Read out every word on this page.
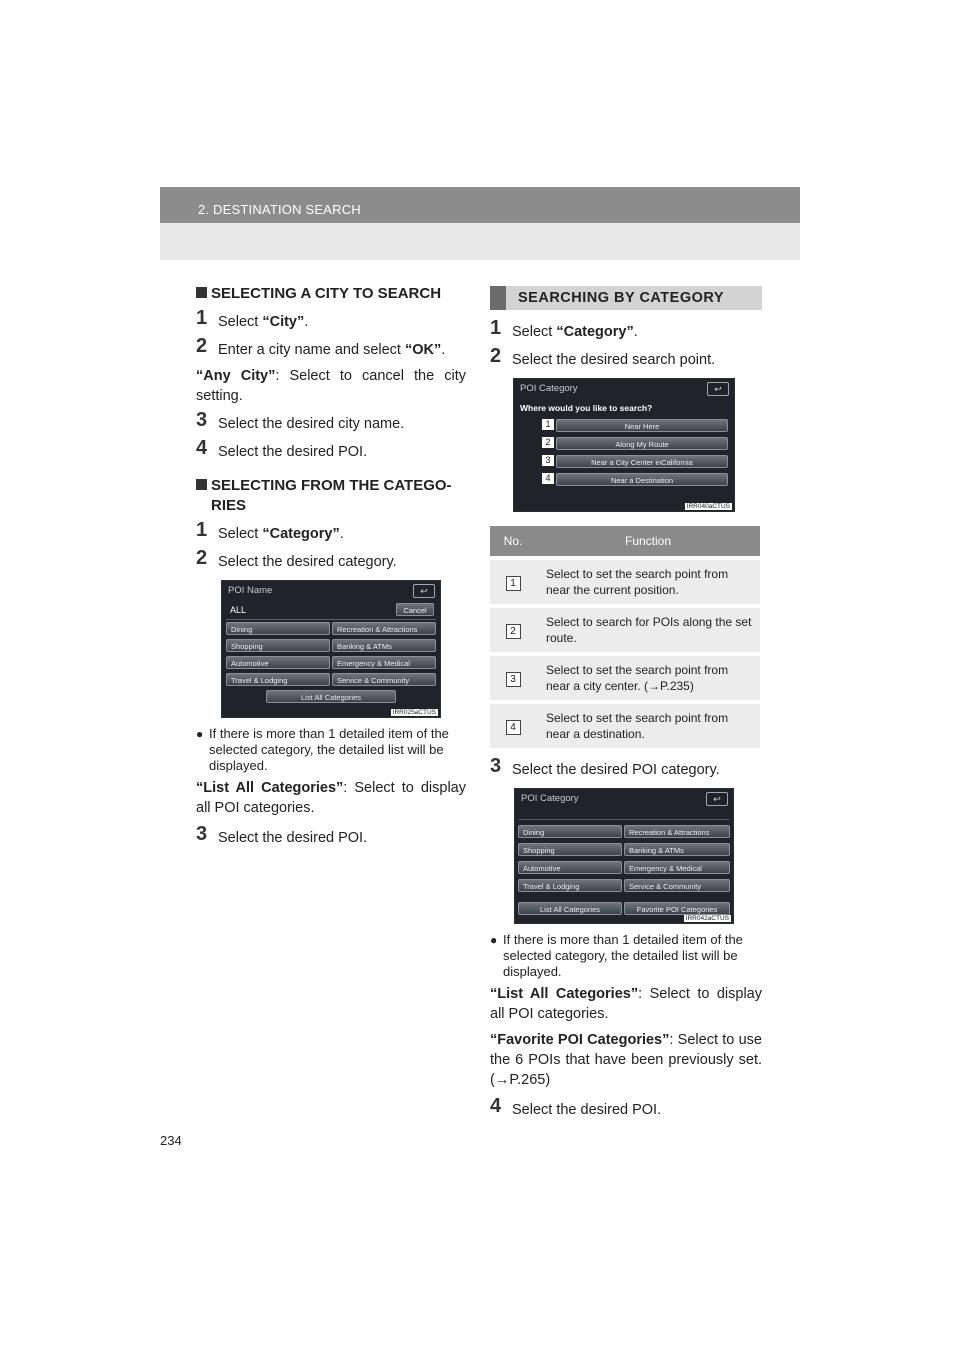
2. DESTINATION SEARCH

SELECTING A CITY TO SEARCH

1 Select “City”.

2 Enter a city name and select “OK”.

“Any City”: Select to cancel the city setting.

3 Select the desired city name.

4 Select the desired POI.

SELECTING FROM THE CATEGO-
RIES

1 Select “Category”.

2 Select the desired category.

POI Name	↩
ALL	Cancel
Dining	Recreation & Attractions
Shopping	Banking & ATMs
Automotive	Emergency & Medical
Travel & Lodging	Service & Community
List All Categories
IRR025aCTUS

● If there is more than 1 detailed item of the selected category, the detailed list will be displayed.

“List All Categories”: Select to display all POI categories.

3 Select the desired POI.

SEARCHING BY CATEGORY

1 Select “Category”.

2 Select the desired search point.

POI Category	↩
Where would you like to search?
1	Near Here
2	Along My Route
3	Near a City Center inCalifornia
4	Near a Destination
IRR040aCTUS
No.	Function
1	Select to set the search point from near the current position.
2	Select to search for POIs along the set route.
3	Select to set the search point from near a city center. (→P.235)
4	Select to set the search point from near a destination.

3 Select the desired POI category.

POI Category	↩
Dining	Recreation & Attractions
Shopping	Banking & ATMs
Automotive	Emergency & Medical
Travel & Lodging	Service & Community
List All Categories	Favorite POI Categories
IRR042aCTUS

● If there is more than 1 detailed item of the selected category, the detailed list will be displayed.

“List All Categories”: Select to display all POI categories.

“Favorite POI Categories”: Select to use the 6 POIs that have been previously set.(→P.265)

4 Select the desired POI.

234
